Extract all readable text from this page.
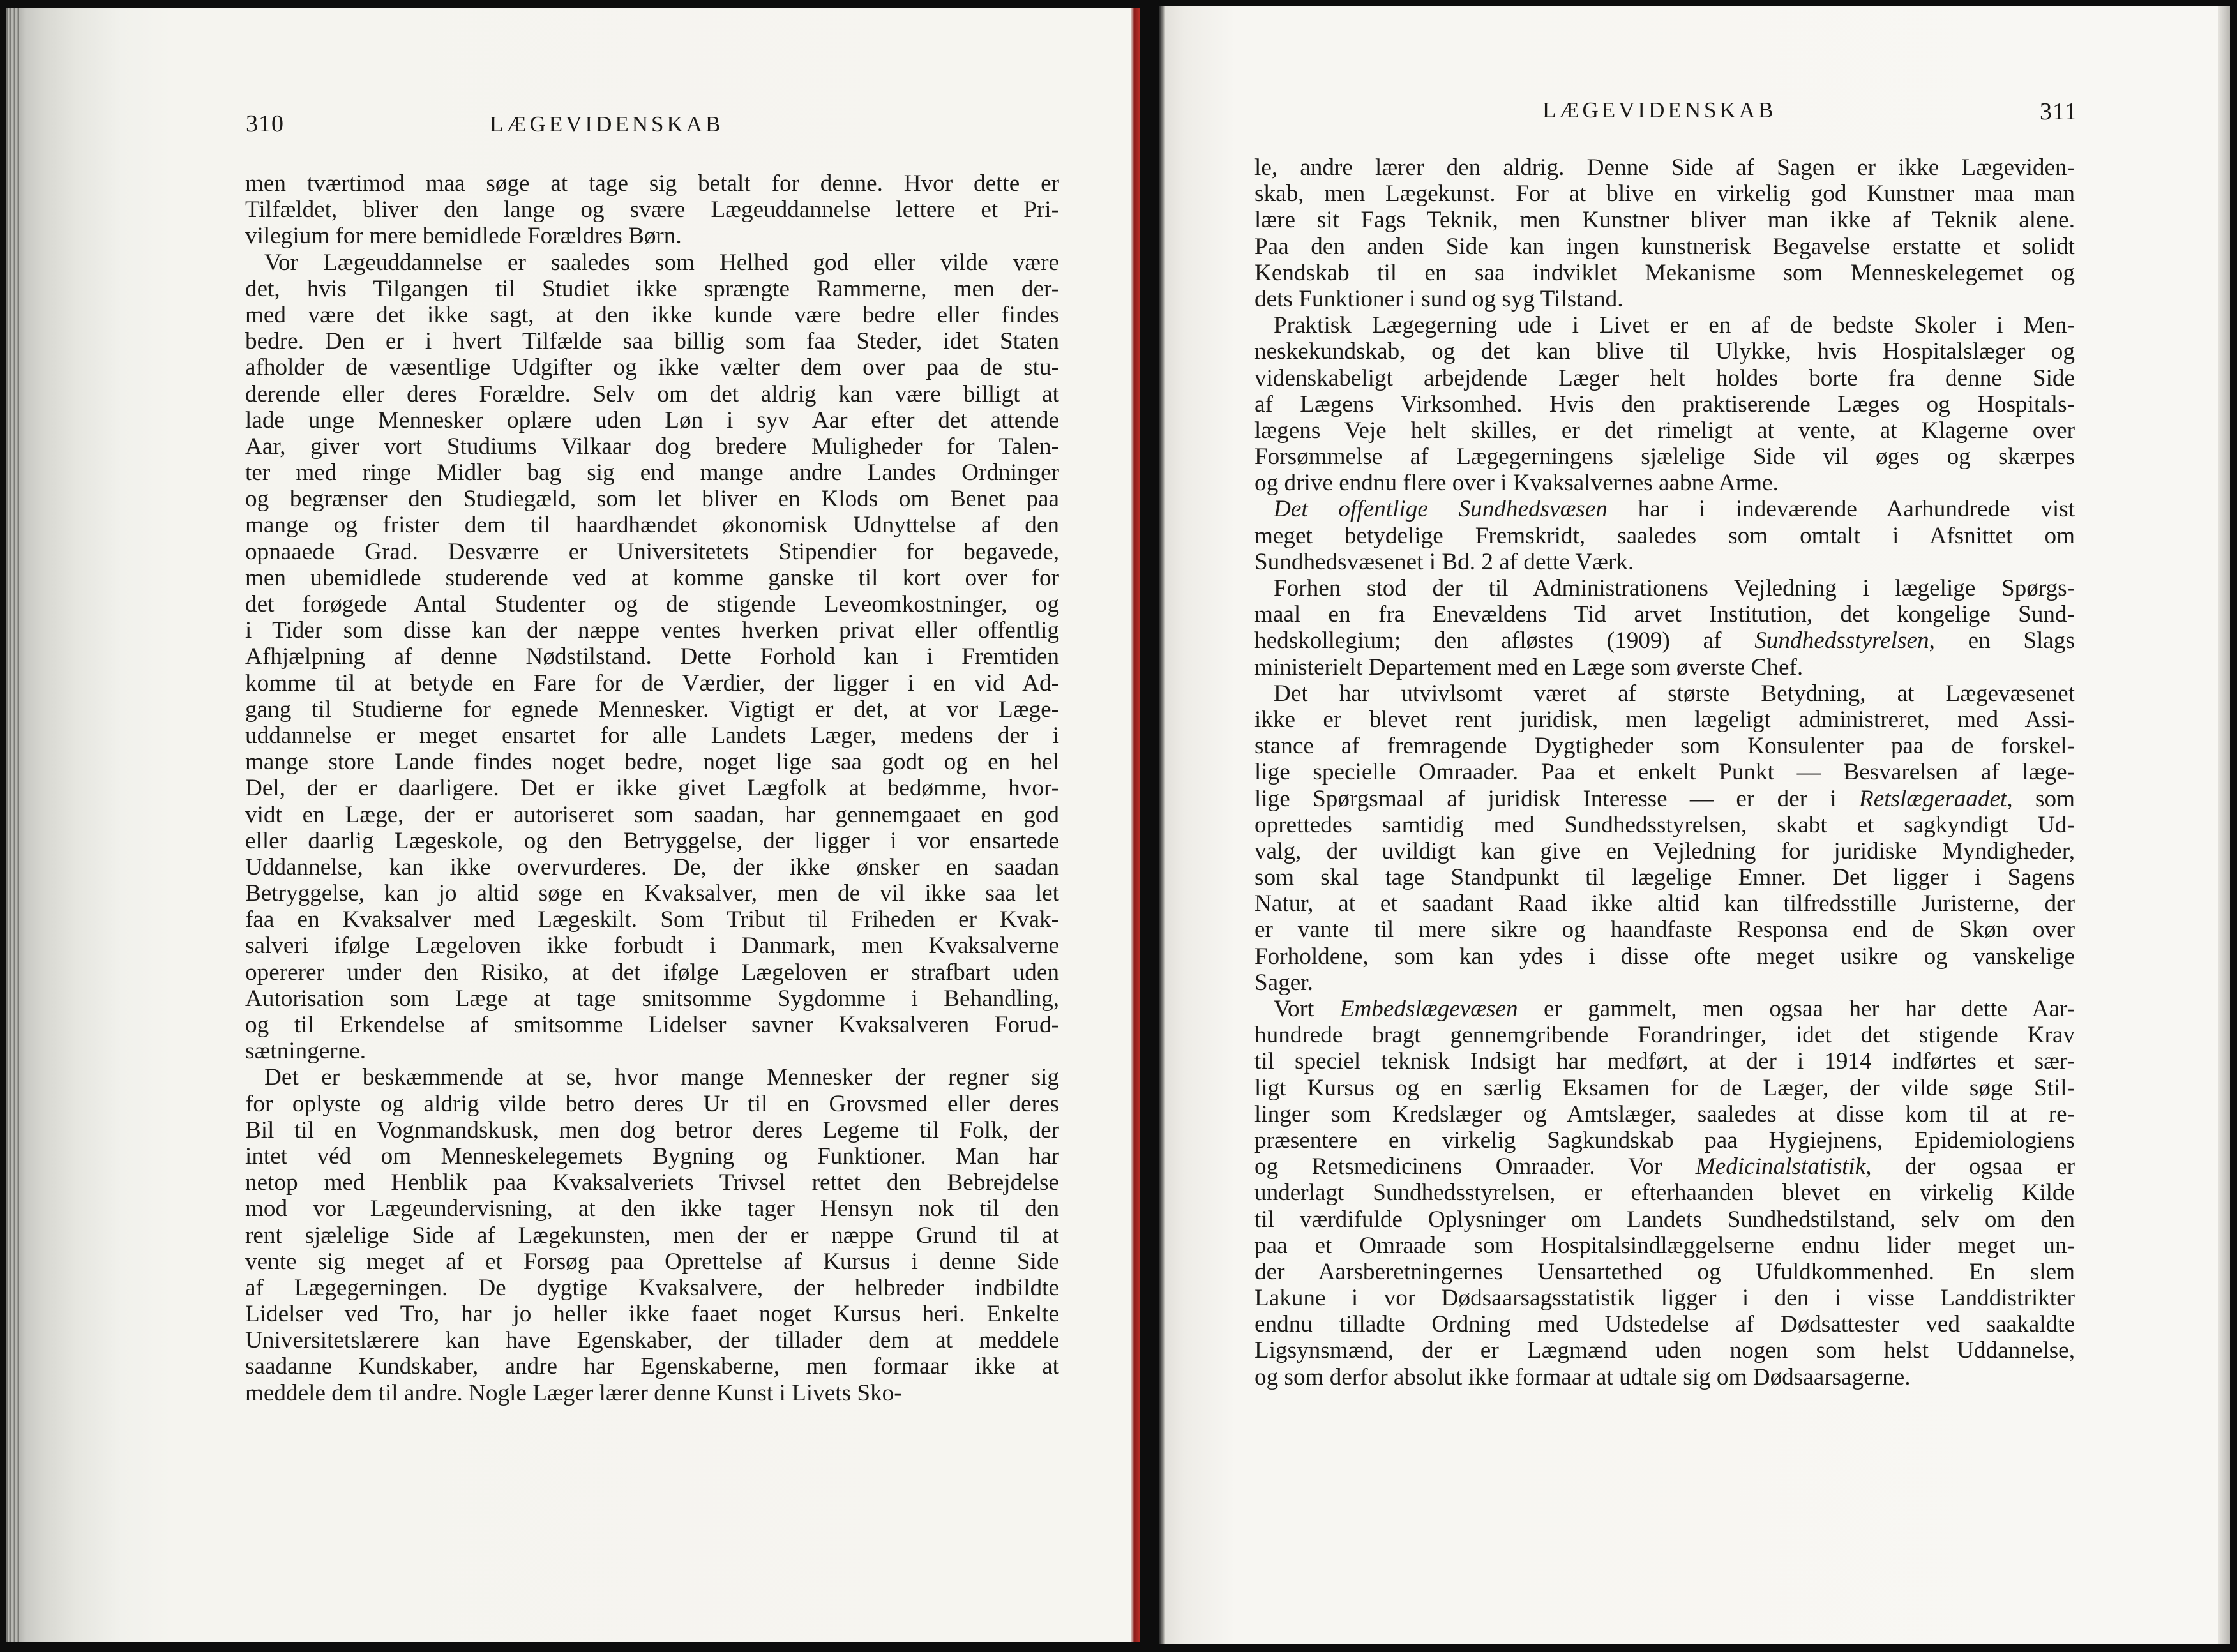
310	LÆGEVIDENSKAB
men tværtimod maa søge at tage sig betalt for denne. Hvor dette er
Tilfældet, bliver den lange og svære Lægeuddannelse lettere et Pri-
vilegium for mere bemidlede Forældres Børn.
Vor Lægeuddannelse er saaledes som Helhed god eller vilde være
det, hvis Tilgangen til Studiet ikke sprængte Rammerne, men der-
med være det ikke sagt, at den ikke kunde være bedre eller findes
bedre. Den er i hvert Tilfælde saa billig som faa Steder, idet Staten
afholder de væsentlige Udgifter og ikke vælter dem over paa de stu-
derende eller deres Forældre. Selv om det aldrig kan være billigt at
lade unge Mennesker oplære uden Løn i syv Aar efter det attende
Aar, giver vort Studiums Vilkaar dog bredere Muligheder for Talen-
ter med ringe Midler bag sig end mange andre Landes Ordninger
og begrænser den Studiegæld, som let bliver en Klods om Benet paa
mange og frister dem til haardhændet økonomisk Udnyttelse af den
opnaaede Grad. Desværre er Universitetets Stipendier for begavede,
men ubemidlede studerende ved at komme ganske til kort over for
det forøgede Antal Studenter og de stigende Leveomkostninger, og
i Tider som disse kan der næppe ventes hverken privat eller offentlig
Afhjælpning af denne Nødstilstand. Dette Forhold kan i Fremtiden
komme til at betyde en Fare for de Værdier, der ligger i en vid Ad-
gang til Studierne for egnede Mennesker. Vigtigt er det, at vor Læge-
uddannelse er meget ensartet for alle Landets Læger, medens der i
mange store Lande findes noget bedre, noget lige saa godt og en hel
Del, der er daarligere. Det er ikke givet Lægfolk at bedømme, hvor-
vidt en Læge, der er autoriseret som saadan, har gennemgaaet en god
eller daarlig Lægeskole, og den Betryggelse, der ligger i vor ensartede
Uddannelse, kan ikke overvurderes. De, der ikke ønsker en saadan
Betryggelse, kan jo altid søge en Kvaksalver, men de vil ikke saa let
faa en Kvaksalver med Lægeskilt. Som Tribut til Friheden er Kvak-
salveri ifølge Lægeloven ikke forbudt i Danmark, men Kvaksalverne
opererer under den Risiko, at det ifølge Lægeloven er strafbart uden
Autorisation som Læge at tage smitsomme Sygdomme i Behandling,
og til Erkendelse af smitsomme Lidelser savner Kvaksalveren Forud-
sætningerne.
Det er beskæmmende at se, hvor mange Mennesker der regner sig
for oplyste og aldrig vilde betro deres Ur til en Grovsmed eller deres
Bil til en Vognmandskusk, men dog betror deres Legeme til Folk, der
intet véd om Menneskelegemets Bygning og Funktioner. Man har
netop med Henblik paa Kvaksalveriets Trivsel rettet den Bebrejdelse
mod vor Lægeundervisning, at den ikke tager Hensyn nok til den
rent sjælelige Side af Lægekunsten, men der er næppe Grund til at
vente sig meget af et Forsøg paa Oprettelse af Kursus i denne Side
af Lægegerningen. De dygtige Kvaksalvere, der helbreder indbildte
Lidelser ved Tro, har jo heller ikke faaet noget Kursus heri. Enkelte
Universitetslærere kan have Egenskaber, der tillader dem at meddele
saadanne Kundskaber, andre har Egenskaberne, men formaar ikke at
meddele dem til andre. Nogle Læger lærer denne Kunst i Livets Sko-
LÆGEVIDENSKAB	311
le, andre lærer den aldrig. Denne Side af Sagen er ikke Lægeviden-
skab, men Lægekunst. For at blive en virkelig god Kunstner maa man
lære sit Fags Teknik, men Kunstner bliver man ikke af Teknik alene.
Paa den anden Side kan ingen kunstnerisk Begavelse erstatte et solidt
Kendskab til en saa indviklet Mekanisme som Menneskelegemet og
dets Funktioner i sund og syg Tilstand.
Praktisk Lægegerning ude i Livet er en af de bedste Skoler i Men-
neskekundskab, og det kan blive til Ulykke, hvis Hospitalslæger og
videnskabeligt arbejdende Læger helt holdes borte fra denne Side
af Lægens Virksomhed. Hvis den praktiserende Læges og Hospitals-
lægens Veje helt skilles, er det rimeligt at vente, at Klagerne over
Forsømmelse af Lægegerningens sjælelige Side vil øges og skærpes
og drive endnu flere over i Kvaksalvernes aabne Arme.
Det offentlige Sundhedsvæsen har i indeværende Aarhundrede vist
meget betydelige Fremskridt, saaledes som omtalt i Afsnittet om
Sundhedsvæsenet i Bd. 2 af dette Værk.
Forhen stod der til Administrationens Vejledning i lægelige Spørgs-
maal en fra Enevældens Tid arvet Institution, det kongelige Sund-
hedskollegium; den afløstes (1909) af Sundhedsstyrelsen, en Slags
ministerielt Departement med en Læge som øverste Chef.
Det har utvivlsomt været af største Betydning, at Lægevæsenet
ikke er blevet rent juridisk, men lægeligt administreret, med Assi-
stance af fremragende Dygtigheder som Konsulenter paa de forskel-
lige specielle Omraader. Paa et enkelt Punkt — Besvarelsen af læge-
lige Spørgsmaal af juridisk Interesse — er der i Retslægeraadet, som
oprettedes samtidig med Sundhedsstyrelsen, skabt et sagkyndigt Ud-
valg, der uvildigt kan give en Vejledning for juridiske Myndigheder,
som skal tage Standpunkt til lægelige Emner. Det ligger i Sagens
Natur, at et saadant Raad ikke altid kan tilfredsstille Juristerne, der
er vante til mere sikre og haandfaste Responsa end de Skøn over
Forholdene, som kan ydes i disse ofte meget usikre og vanskelige
Sager.
Vort Embedslægevæsen er gammelt, men ogsaa her har dette Aar-
hundrede bragt gennemgribende Forandringer, idet det stigende Krav
til speciel teknisk Indsigt har medført, at der i 1914 indførtes et sær-
ligt Kursus og en særlig Eksamen for de Læger, der vilde søge Stil-
linger som Kredslæger og Amtslæger, saaledes at disse kom til at re-
præsentere en virkelig Sagkundskab paa Hygiejnens, Epidemiologiens
og Retsmedicinens Omraader. Vor Medicinalstatistik, der ogsaa er
underlagt Sundhedsstyrelsen, er efterhaanden blevet en virkelig Kilde
til værdifulde Oplysninger om Landets Sundhedstilstand, selv om den
paa et Omraade som Hospitalsindlæggelserne endnu lider meget un-
der Aarsberetningernes Uensartethed og Ufuldkommenhed. En slem
Lakune i vor Dødsaarsagsstatistik ligger i den i visse Landdistrikter
endnu tilladte Ordning med Udstedelse af Dødsattester ved saakaldte
Ligsynsmænd, der er Lægmænd uden nogen som helst Uddannelse,
og som derfor absolut ikke formaar at udtale sig om Dødsaarsagerne.
